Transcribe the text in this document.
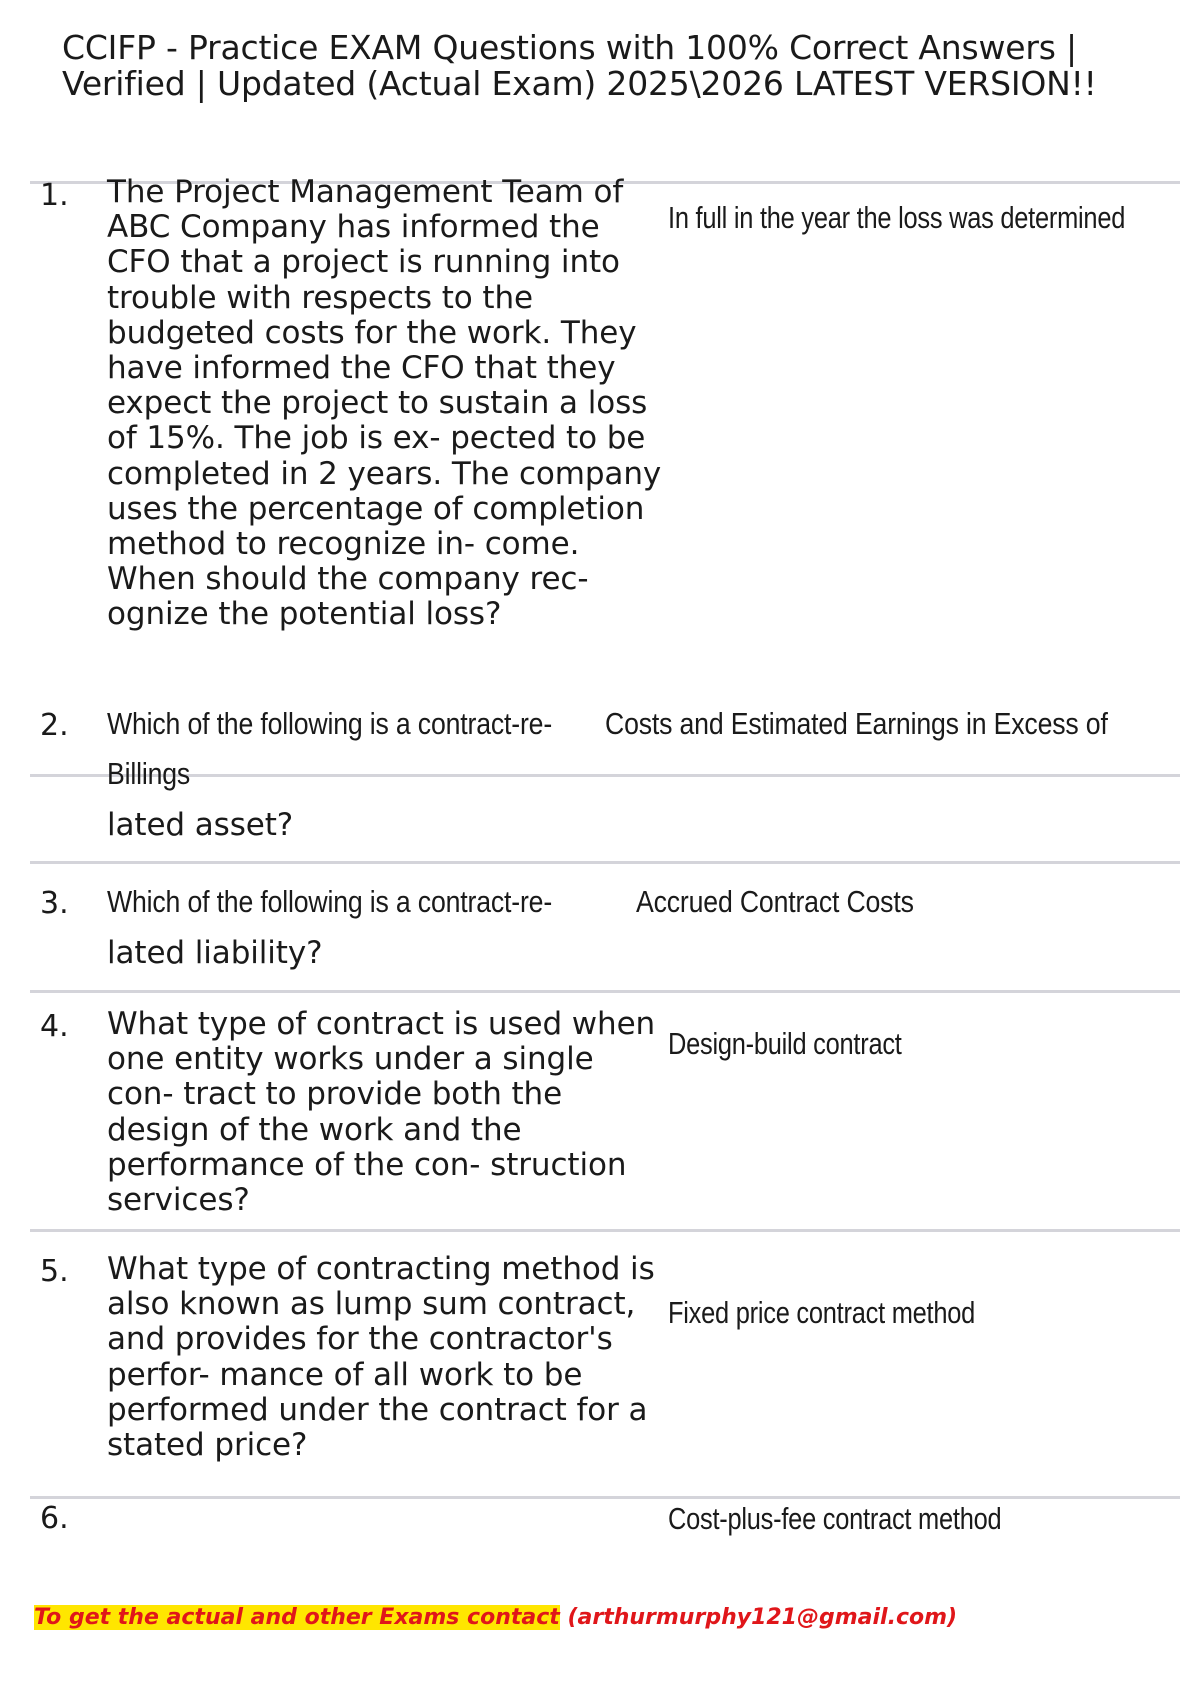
CCIFP - Practice EXAM Questions with 100% Correct Answers | Verified | Updated (Actual Exam) 2025\2026 LATEST VERSION!!
1. The Project Management Team of ABC Company has informed the CFO that a project is running into trouble with respects to the budgeted costs for the work. They have informed the CFO that they expect the project to sustain a loss of 15%. The job is ex- pected to be completed in 2 years. The company uses the percentage of completion method to recognize in- come. When should the company rec- ognize the potential loss?
In full in the year the loss was determined
2. Which of the following is a contract-re- Costs and Estimated Earnings in Excess of
Billings
lated asset?
3. Which of the following is a contract-re-	Accrued Contract Costs
lated liability?
4. What type of contract is used when one entity works under a single con- tract to provide both the design of the work and the performance of the con- struction services?
Design-build contract
5. What type of contracting method is also known as lump sum contract, and provides for the contractor's perfor- mance of all work to be performed under the contract for a stated price?
Fixed price contract method
6.	Cost-plus-fee contract method
To get the actual and other Exams contact (arthurmurphy121@gmail.com)
